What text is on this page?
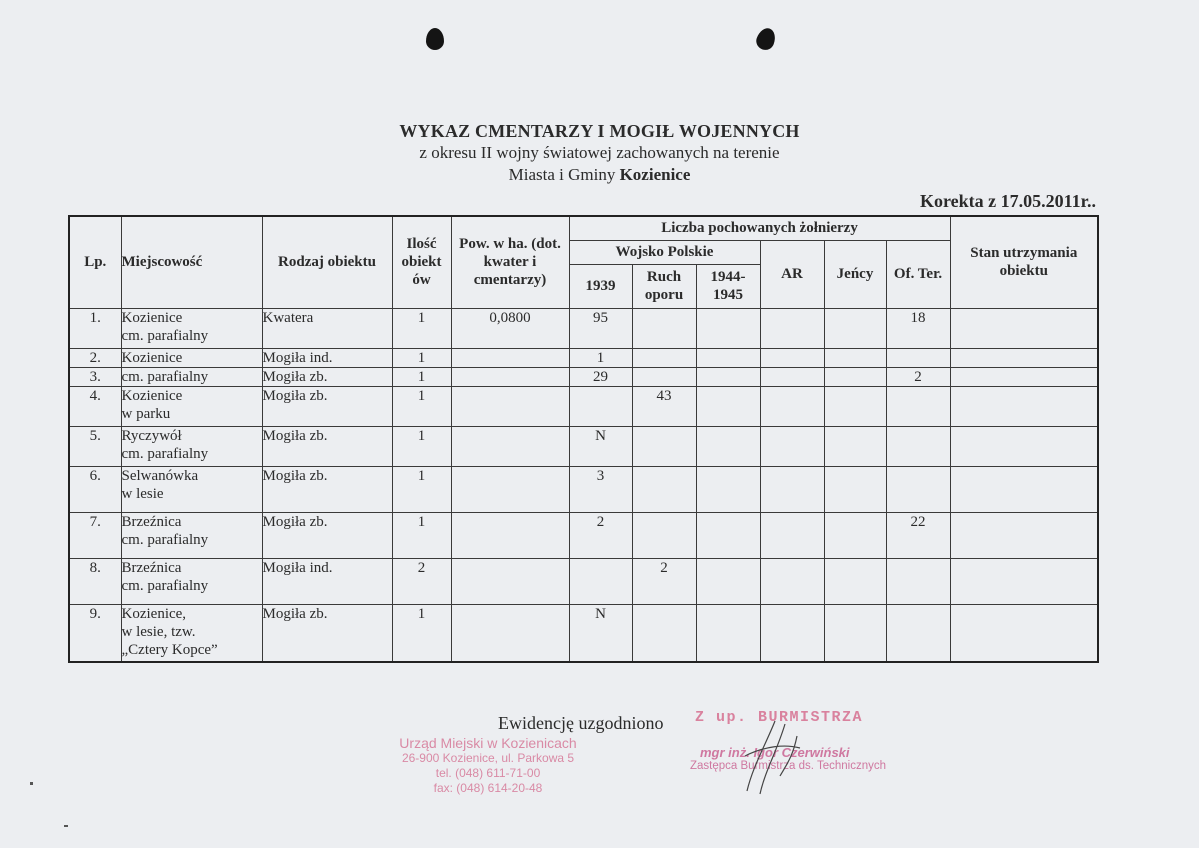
WYKAZ CMENTARZY I MOGIŁ WOJENNYCH
z okresu II wojny światowej zachowanych na terenie
Miasta i Gminy Kozienice
Korekta z 17.05.2011r..
Lp.	Miejscowość	Rodzaj obiektu	Ilość obiekt ów	Pow. w ha. (dot. kwater i cmentarzy)	Liczba pochowanych żołnierzy						Stan utrzymania obiektu
					Wojsko Polskie			AR	Jeńcy	Of. Ter.	
					1939	Ruch oporu	1944-1945				
1.	Kozienice
cm. parafialny	Kwatera	1	0,0800	95					18	
2.	Kozienice	Mogiła ind.	1		1						
3.	cm. parafialny	Mogiła zb.	1		29					2	
4.	Kozienice
w parku	Mogiła zb.	1			43					
5.	Ryczywół
cm. parafialny	Mogiła zb.	1		N						
6.	Selwanówka
w lesie	Mogiła zb.	1		3						
7.	Brzeźnica
cm. parafialny	Mogiła zb.	1		2					22	
8.	Brzeźnica
cm. parafialny	Mogiła ind.	2			2					
9.	Kozienice,
w lesie, tzw.
„Cztery Kopce”	Mogiła zb.	1		N						
Ewidencję uzgodniono
Urząd Miejski w Kozienicach
26-900 Kozienice, ul. Parkowa 5
tel. (048) 611-71-00
fax: (048) 614-20-48
Z up. BURMISTRZA
mgr inż. Igor Czerwiński
Zastępca Burmistrza ds. Technicznych
